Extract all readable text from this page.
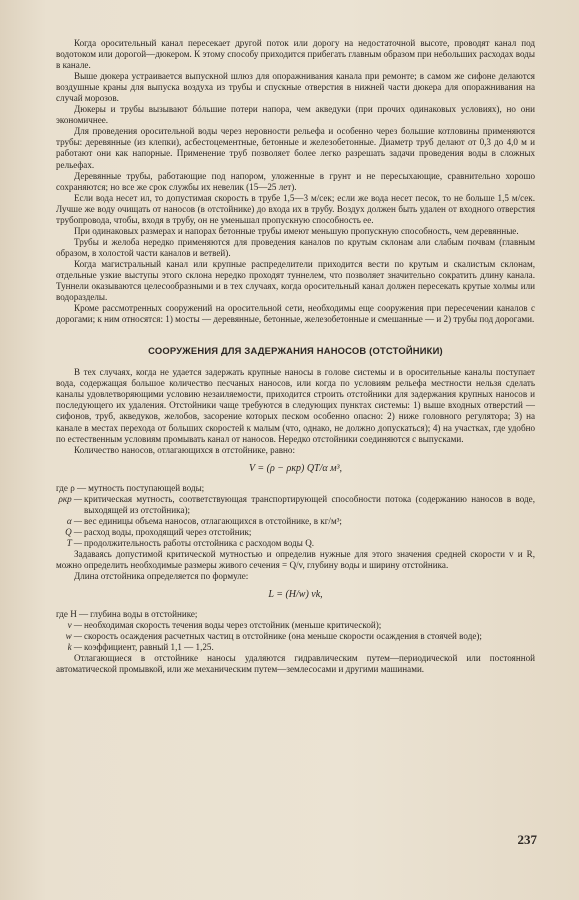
Когда оросительный канал пересекает другой поток или дорогу на недостаточной высоте, проводят канал под водотоком или дорогой—дюкером. К этому способу приходится прибегать главным образом при небольших расходах воды в канале.

Выше дюкера устраивается выпускной шлюз для опоражнивания канала при ремонте; в самом же сифоне делаются воздушные краны для выпуска воздуха из трубы и спускные отверстия в нижней части дюкера для опоражнивания на случай морозов.

Дюкеры и трубы вызывают бóльшие потери напора, чем акведуки (при прочих одинаковых условиях), но они экономичнее.

Для проведения оросительной воды через неровности рельефа и особенно через большие котловины применяются трубы: деревянные (из клепки), асбестоцементные, бетонные и железобетонные. Диаметр труб делают от 0,3 до 4,0 м и работают они как напорные. Применение труб позволяет более легко разрешать задачи проведения воды в сложных рельефах.

Деревянные трубы, работающие под напором, уложенные в грунт и не пересыхающие, сравнительно хорошо сохраняются; но все же срок службы их невелик (15—25 лет).

Если вода несет ил, то допустимая скорость в трубе 1,5—3 м/сек; если же вода несет песок, то не больше 1,5 м/сек. Лучше же воду очищать от наносов (в отстойнике) до входа их в трубу. Воздух должен быть удален от входного отверстия трубопровода, чтобы, входя в трубу, он не уменьшал пропускную способность ее.

При одинаковых размерах и напорах бетонные трубы имеют меньшую пропускную способность, чем деревянные.

Трубы и желоба нередко применяются для проведения каналов по крутым склонам али слабым почвам (главным образом, в холостой части каналов и ветвей).

Когда магистральный канал или крупные распределители приходится вести по крутым и скалистым склонам, отдельные узкие выступы этого склона нередко проходят туннелем, что позволяет значительно сократить длину канала. Туннели оказываются целесообразными и в тех случаях, когда оросительный канал должен пересекать крутые холмы или водоразделы.

Кроме рассмотренных сооружений на оросительной сети, необходимы еще сооружения при пересечении каналов с дорогами; к ним относятся: 1) мосты — деревянные, бетонные, железобетонные и смешанные — и 2) трубы под дорогами.

СООРУЖЕНИЯ ДЛЯ ЗАДЕРЖАНИЯ НАНОСОВ (ОТСТОЙНИКИ)

В тех случаях, когда не удается задержать крупные наносы в голове системы и в оросительные каналы поступает вода, содержащая большое количество песчаных наносов, или когда по условиям рельефа местности нельзя сделать каналы удовлетворяющими условию незаиляемости, приходится строить отстойники для задержания крупных наносов и последующего их удаления. Отстойники чаще требуются в следующих пунктах системы: 1) выше входных отверстий — сифонов, труб, акведуков, желобов, засорение которых песком особенно опасно: 2) ниже головного регулятора; 3) на канале в местах перехода от больших скоростей к малым (что, однако, не должно допускаться); 4) на участках, где удобно по естественным условиям промывать канал от наносов. Нередко отстойники соединяются с выпусками.

Количество наносов, отлагающихся в отстойнике, равно:

V = (ρ − ρкр) QT/α м³,
где ρ — мутность поступающей воды;
ρкр — критическая мутность, соответствующая транспортирующей способности потока (содержанию наносов в воде, выходящей из отстойника);
α — вес единицы объема наносов, отлагающихся в отстойнике, в кг/м³;
Q — расход воды, проходящий через отстойник;
T — продолжительность работы отстойника с расходом воды Q.

Задаваясь допустимой критической мутностью и определив нужные для этого значения средней скорости v и R, можно определить необходимые размеры живого сечения = Q/v, глубину воды и ширину отстойника.

Длина отстойника определяется по формуле:

L = (H/w) vk,
где H — глубина воды в отстойнике;
v — необходимая скорость течения воды через отстойник (меньше критической);
w — скорость осаждения расчетных частиц в отстойнике (она меньше скорости осаждения в стоячей воде);
k — коэффициент, равный 1,1 — 1,25.

Отлагающиеся в отстойнике наносы удаляются гидравлическим путем—периодической или постоянной автоматической промывкой, или же механическим путем—землесосами и другими машинами.

237
